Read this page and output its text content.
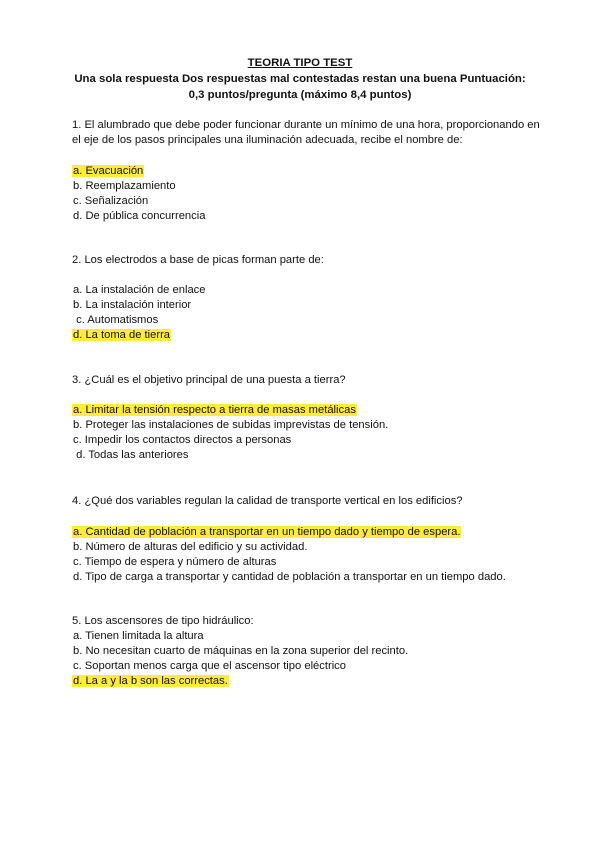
TEORIA TIPO TEST
Una sola respuesta Dos respuestas mal contestadas restan una buena Puntuación:
0,3 puntos/pregunta (máximo 8,4 puntos)

1. El alumbrado que debe poder funcionar durante un mínimo de una hora, proporcionando en el eje de los pasos principales una iluminación adecuada, recibe el nombre de:

a. Evacuación
b. Reemplazamiento
c. Señalización
d. De pública concurrencia

2. Los electrodos a base de picas forman parte de:

a. La instalación de enlace
b. La instalación interior
c. Automatismos
d. La toma de tierra

3. ¿Cuál es el objetivo principal de una puesta a tierra?

a. Limitar la tensión respecto a tierra de masas metálicas
b. Proteger las instalaciones de subidas imprevistas de tensión.
c. Impedir los contactos directos a personas
d. Todas las anteriores

4. ¿Qué dos variables regulan la calidad de transporte vertical en los edificios?

a. Cantidad de población a transportar en un tiempo dado y tiempo de espera.
b. Número de alturas del edificio y su actividad.
c. Tiempo de espera y número de alturas
d. Tipo de carga a transportar y cantidad de población a transportar en un tiempo dado.

5. Los ascensores de tipo hidráulico:

a. Tienen limitada la altura
b. No necesitan cuarto de máquinas en la zona superior del recinto.
c. Soportan menos carga que el ascensor tipo eléctrico
d. La a y la b son las correctas.
